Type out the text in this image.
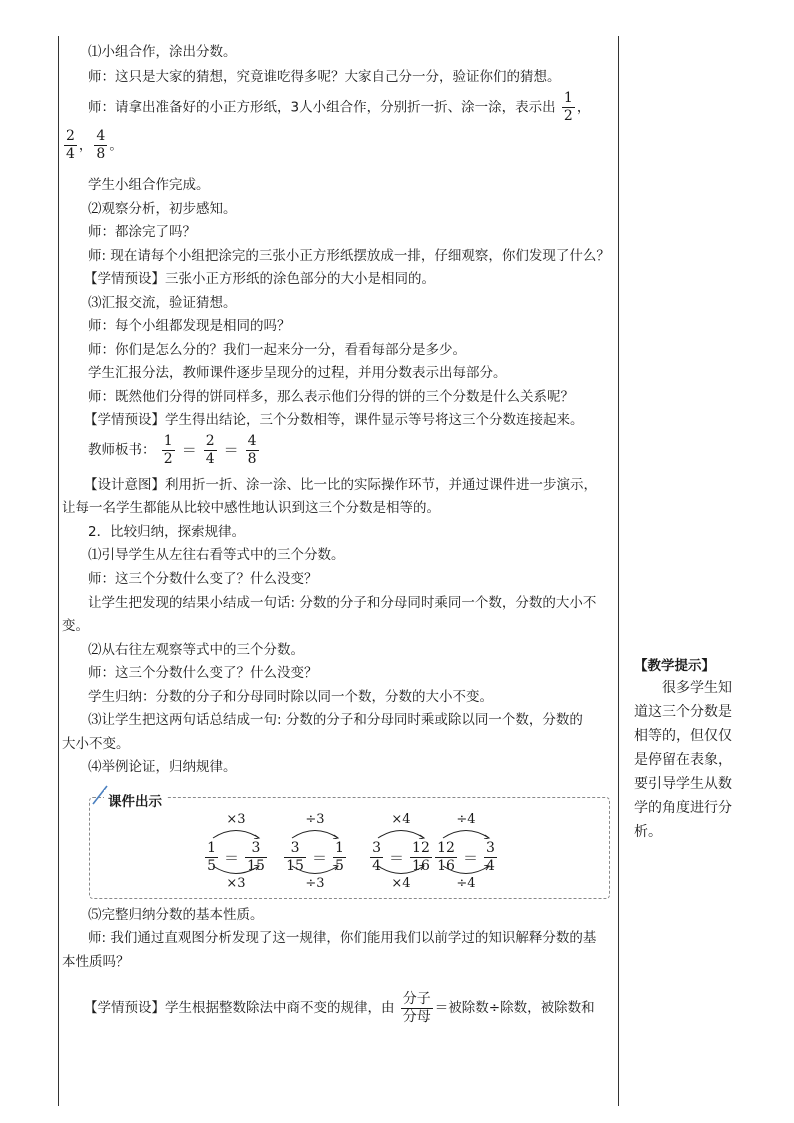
⑴小组合作，涂出分数。
师：这只是大家的猜想，究竟谁吃得多呢？大家自己分一分，验证你们的猜想。
师：请拿出准备好的小正方形纸，3人小组合作，分别折一折、涂一涂，表示出 $\frac{1}{2}$ ，
$\frac{2}{4}$ ， $\frac{4}{8}$ 。
学生小组合作完成。
⑵观察分析，初步感知。
师：都涂完了吗？
师: 现在请每个小组把涂完的三张小正方形纸摆放成一排，仔细观察，你们发现了什么？
【学情预设】三张小正方形纸的涂色部分的大小是相同的。
⑶汇报交流，验证猜想。
师：每个小组都发现是相同的吗？
师：你们是怎么分的？我们一起来分一分，看看每部分是多少。
学生汇报分法，教师课件逐步呈现分的过程，并用分数表示出每部分。
师：既然他们分得的饼同样多，那么表示他们分得的饼的三个分数是什么关系呢？
【学情预设】学生得出结论，三个分数相等，课件显示等号将这三个分数连接起来。
教师板书： $\frac{1}{2} = \frac{2}{4} = \frac{4}{8}$
【设计意图】利用折一折、涂一涂、比一比的实际操作环节，并通过课件进一步演示，
让每一名学生都能从比较中感性地认识到这三个分数是相等的。
2．比较归纳，探索规律。
⑴引导学生从左往右看等式中的三个分数。
师：这三个分数什么变了？什么没变？
让学生把发现的结果小结成一句话: 分数的分子和分母同时乘同一个数，分数的大小不
变。
⑵从右往左观察等式中的三个分数。
师：这三个分数什么变了？什么没变？
学生归纳：分数的分子和分母同时除以同一个数，分数的大小不变。
⑶让学生把这两句话总结成一句: 分数的分子和分母同时乘或除以同一个数，分数的
大小不变。
⑷举例论证，归纳规律。
课件出示
×3
$\frac{1}{5} = \frac{3}{15}$
×3
÷3
$\frac{3}{15} = \frac{1}{5}$
÷3
×4
$\frac{3}{4} = \frac{12}{16}$
×4
÷4
$\frac{12}{16} = \frac{3}{4}$
÷4
⑸完整归纳分数的基本性质。
师: 我们通过直观图分析发现了这一规律，你们能用我们以前学过的知识解释分数的基
本性质吗？
【学情预设】学生根据整数除法中商不变的规律，由 $\frac{\text{分子}}{\text{分母}}$ ＝被除数÷除数，被除数和
【教学提示】
很多学生知道这三个分数是相等的，但仅仅是停留在表象，要引导学生从数学的角度进行分析。
